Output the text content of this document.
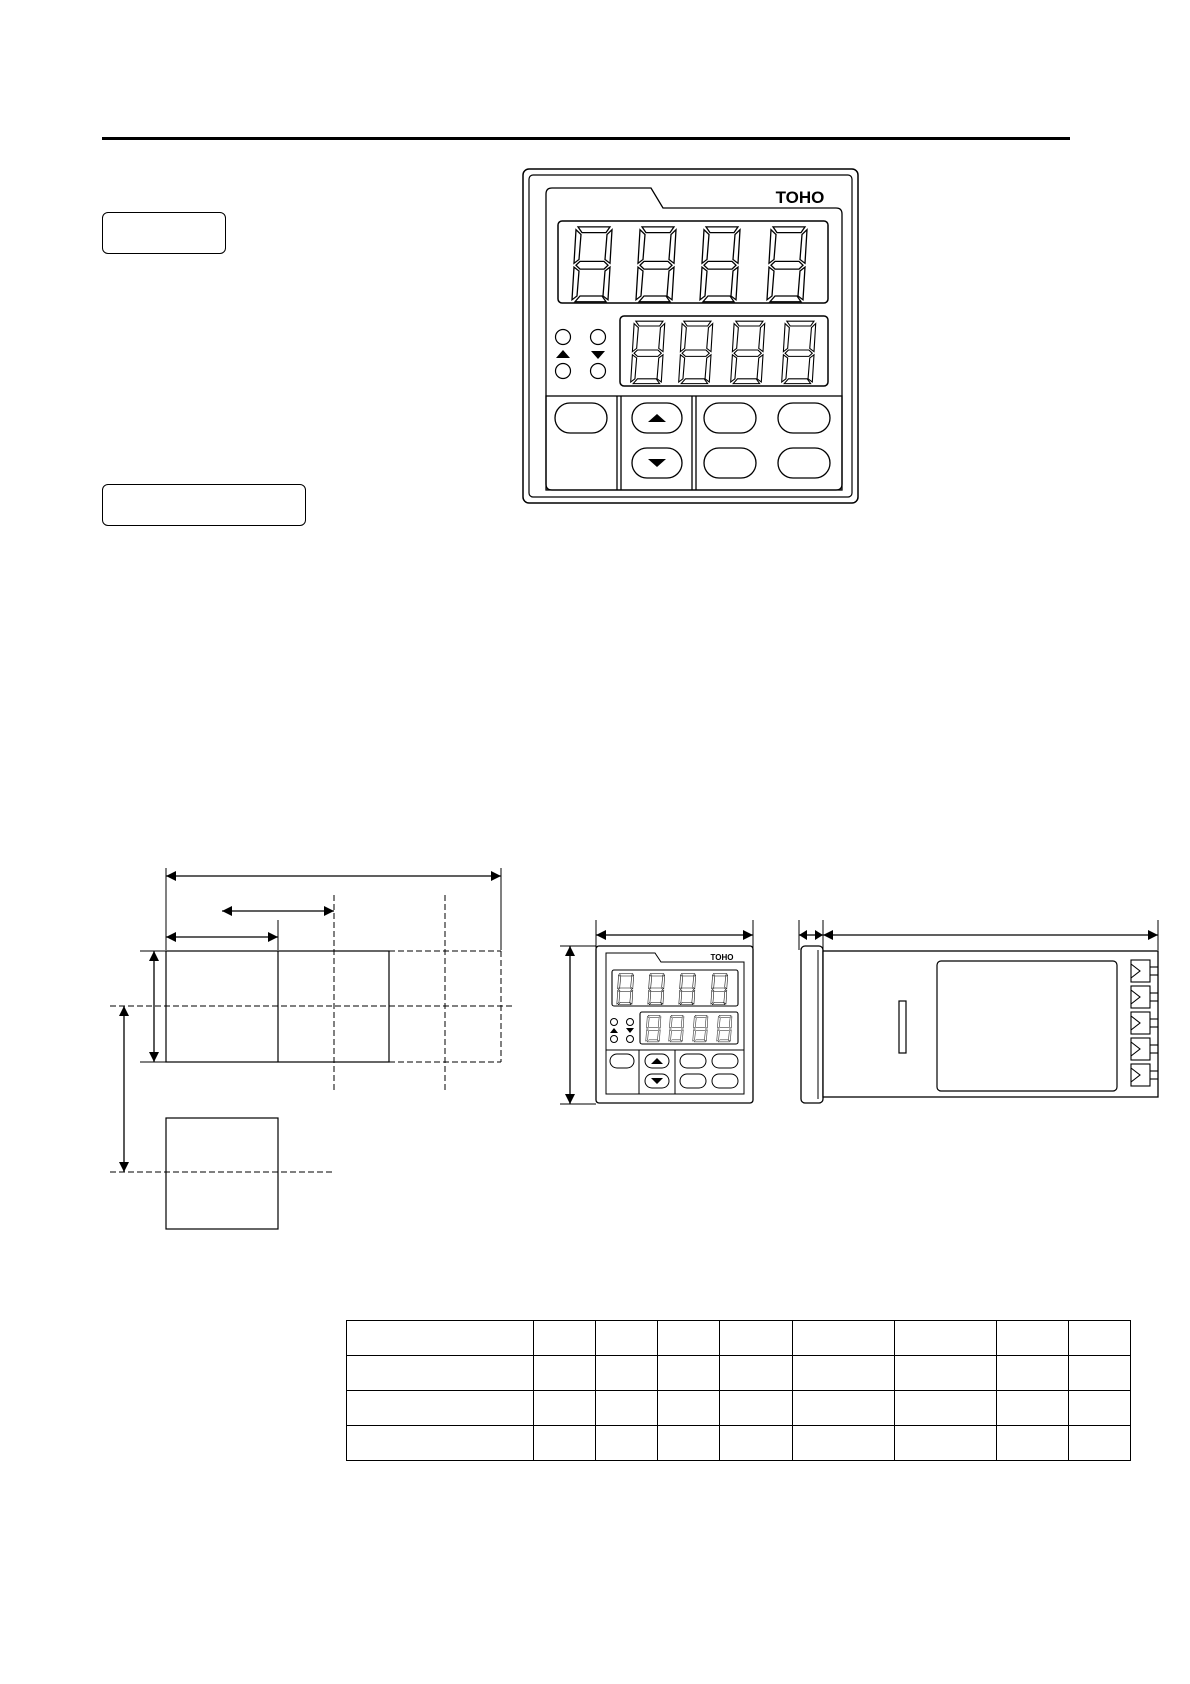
TOHO
TOHO
